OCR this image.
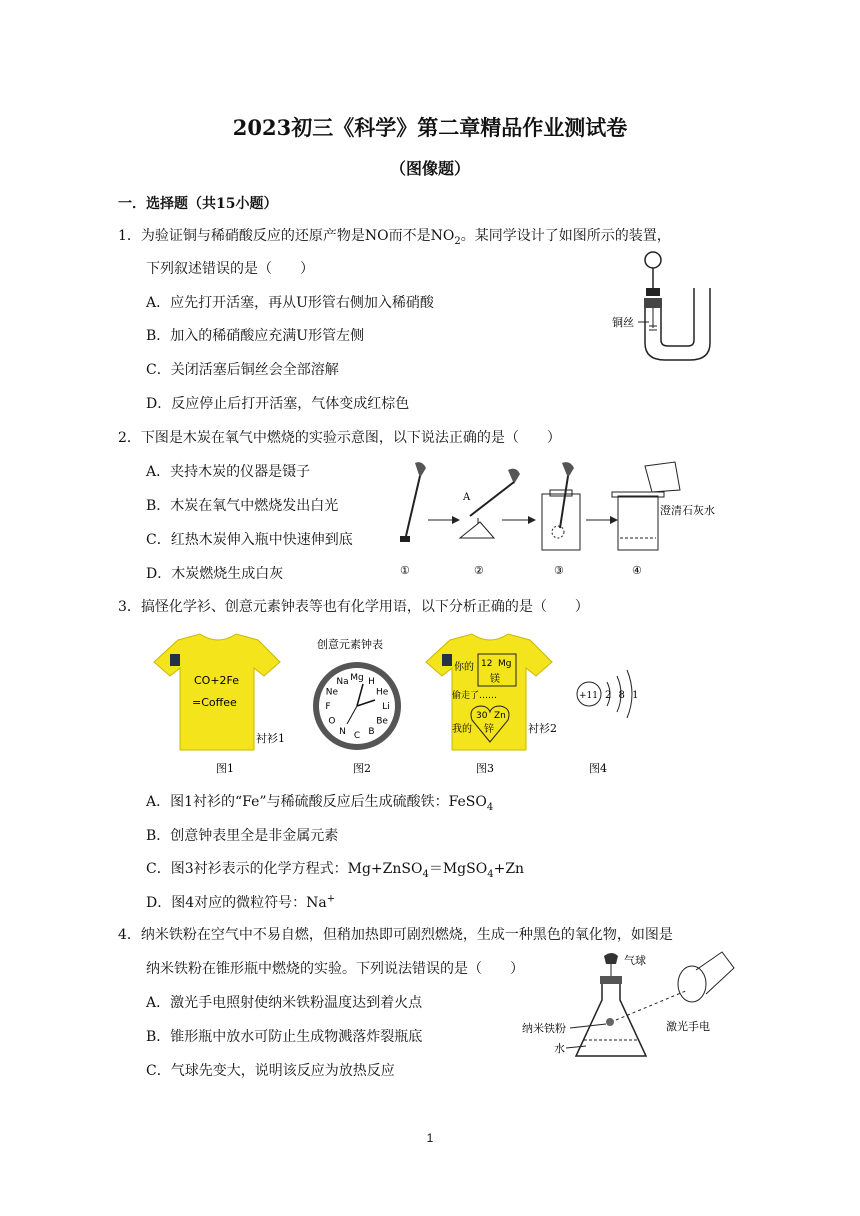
2023初三《科学》第二章精品作业测试卷
（图像题）
一．选择题（共15小题）
1．为验证铜与稀硝酸反应的还原产物是NO而不是$NO_2$。某同学设计了如图所示的装置，
下列叙述错误的是（　　）
A．应先打开活塞，再从U形管右侧加入稀硝酸
B．加入的稀硝酸应充满U形管左侧
C．关闭活塞后铜丝会全部溶解
D．反应停止后打开活塞，气体变成红棕色
铜丝
2．下图是木炭在氧气中燃烧的实验示意图，以下说法正确的是（　　）
A．夹持木炭的仪器是镊子
B．木炭在氧气中燃烧发出白光
C．红热木炭伸入瓶中快速伸到底
D．木炭燃烧生成白灰
A
澄清石灰水
①	②	③	④
3．搞怪化学衫、创意元素钟表等也有化学用语，以下分析正确的是（　　）
CO+2Fe
=Coffee
衬衫1
图1
创意元素钟表
H
He
Li
Be
B
C
N
O
F
Ne
Na Mg
图2
你的 12 Mg
镁
偷走了……
30 Zn
锌
我的	衬衫2
图3
+11 2 8 1
图4
A．图1衬衫的“Fe”与稀硫酸反应后生成硫酸铁：FeSO$_4$
B．创意钟表里全是非金属元素
C．图3衬衫表示的化学方程式：Mg+ZnSO$_4$＝MgSO$_4$+Zn
D．图4对应的微粒符号：Na+
4．纳米铁粉在空气中不易自燃，但稍加热即可剧烈燃烧，生成一种黑色的氧化物，如图是
纳米铁粉在锥形瓶中燃烧的实验。下列说法错误的是（　　）
A．激光手电照射使纳米铁粉温度达到着火点
B．锥形瓶中放水可防止生成物溅落炸裂瓶底
C．气球先变大，说明该反应为放热反应
气球
激光手电
纳米铁粉
水
1
